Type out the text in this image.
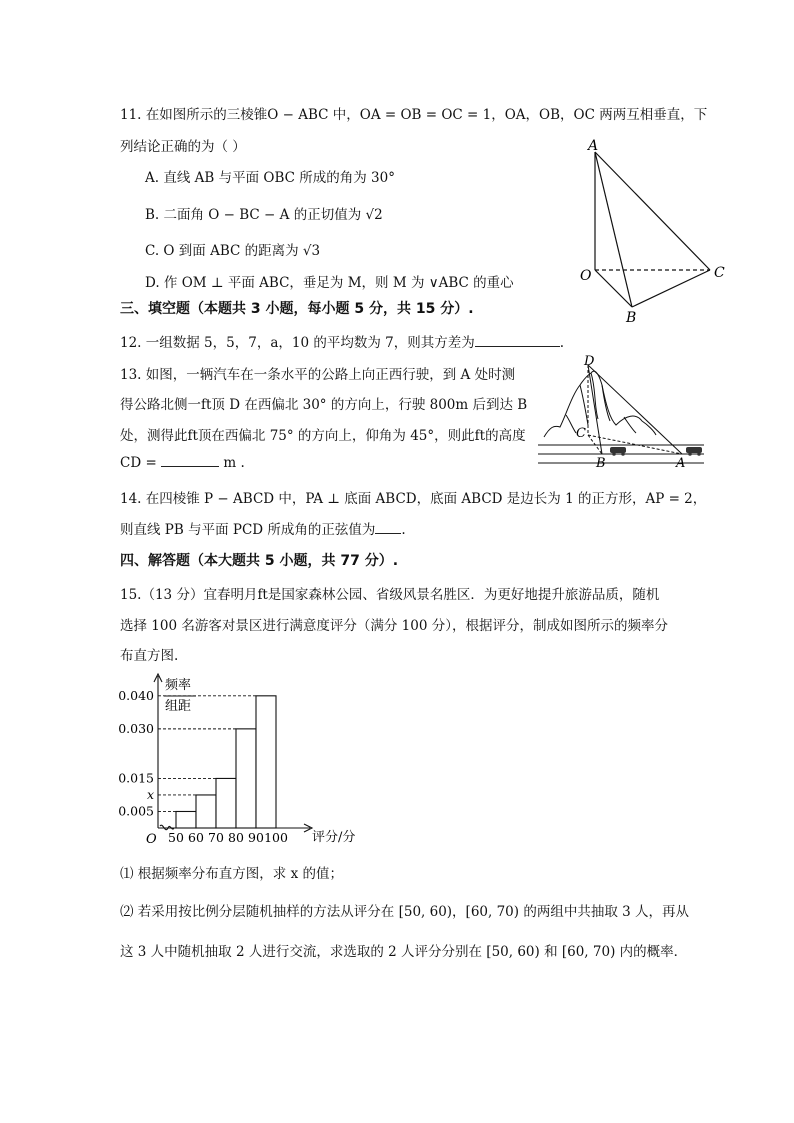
11. 在如图所示的三棱锥O − ABC 中，OA = OB = OC = 1，OA，OB，OC 两两互相垂直，下
列结论正确的为（ ）
A. 直线 AB 与平面 OBC 所成的角为 30°
B. 二面角 O − BC − A 的正切值为 √2
C. O 到面 ABC 的距离为 √3
D. 作 OM ⊥ 平面 ABC，垂足为 M，则 M 为 ∨ABC 的重心
A
O
B
C
三、填空题（本题共 3 小题，每小题 5 分，共 15 分）.
12. 一组数据 5，5，7，a，10 的平均数为 7，则其方差为	.
13. 如图，一辆汽车在一条水平的公路上向正西行驶，到 A 处时测
得公路北侧一ft顶 D 在西偏北 30° 的方向上，行驶 800m 后到达 B
处，测得此ft顶在西偏北 75° 的方向上，仰角为 45°，则此ft的高度
CD =	m .
D
C
B	A
14. 在四棱锥 P − ABCD 中，PA ⊥ 底面 ABCD，底面 ABCD 是边长为 1 的正方形，AP = 2，
则直线 PB 与平面 PCD 所成角的正弦值为 .
四、解答题（本大题共 5 小题，共 77 分）.
15.（13 分）宜春明月ft是国家森林公园、省级风景名胜区．为更好地提升旅游品质，随机
选择 100 名游客对景区进行满意度评分（满分 100 分），根据评分，制成如图所示的频率分
布直方图.
频率
组距
O	评分/分
0.005
x
0.015
0.030
0.040
50 60 70 80 90 100
⑴ 根据频率分布直方图，求 x 的值；
⑵ 若采用按比例分层随机抽样的方法从评分在 [50, 60)，[60, 70) 的两组中共抽取 3 人，再从
这 3 人中随机抽取 2 人进行交流，求选取的 2 人评分分别在 [50, 60) 和 [60, 70) 内的概率．
